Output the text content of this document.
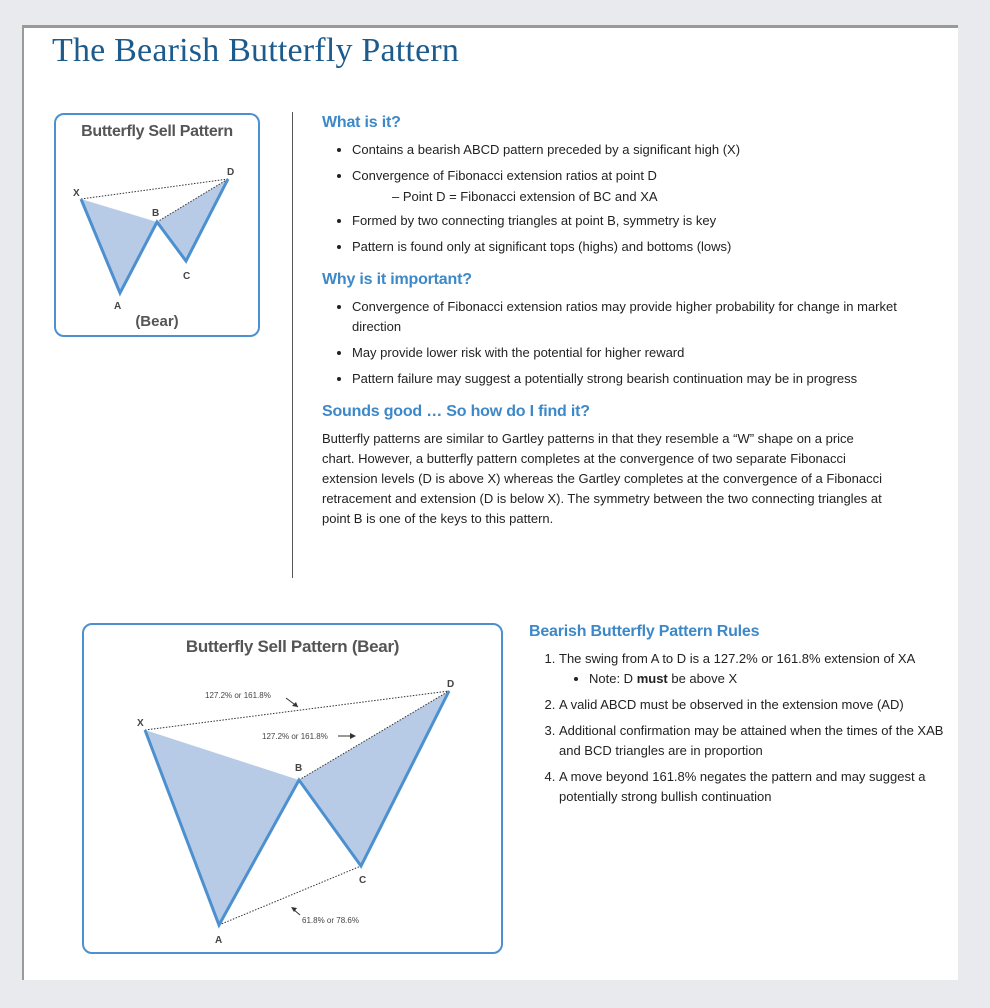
The Bearish Butterfly Pattern
Butterfly Sell Pattern
X
A
B
C
D
(Bear)
What is it?
• Contains a bearish ABCD pattern preceded by a significant high (X)
• Convergence of Fibonacci extension ratios at point D
– Point D = Fibonacci extension of BC and XA
• Formed by two connecting triangles at point B, symmetry is key
• Pattern is found only at significant tops (highs) and bottoms (lows)
Why is it important?
• Convergence of Fibonacci extension ratios may provide higher probability for change in market direction
• May provide lower risk with the potential for higher reward
• Pattern failure may suggest a potentially strong bearish continuation may be in progress
Sounds good … So how do I find it?

Butterfly patterns are similar to Gartley patterns in that they resemble a “W” shape on a price chart. However, a butterfly pattern completes at the convergence of two separate Fibonacci extension levels (D is above X) whereas the Gartley completes at the convergence of a Fibonacci retracement and extension (D is below X). The symmetry between the two connecting triangles at point B is one of the keys to this pattern.

Butterfly Sell Pattern (Bear)
127.2% or 161.8%
127.2% or 161.8%
61.8% or 78.6%
X
A
B
C
D
Bearish Butterfly Pattern Rules
1. The swing from A to D is a 127.2% or 161.8% extension of XA
• Note: D must be above X
2. A valid ABCD must be observed in the extension move (AD)
3. Additional confirmation may be attained when the times of the XAB and BCD triangles are in proportion
4. A move beyond 161.8% negates the pattern and may suggest a potentially strong bullish continuation
